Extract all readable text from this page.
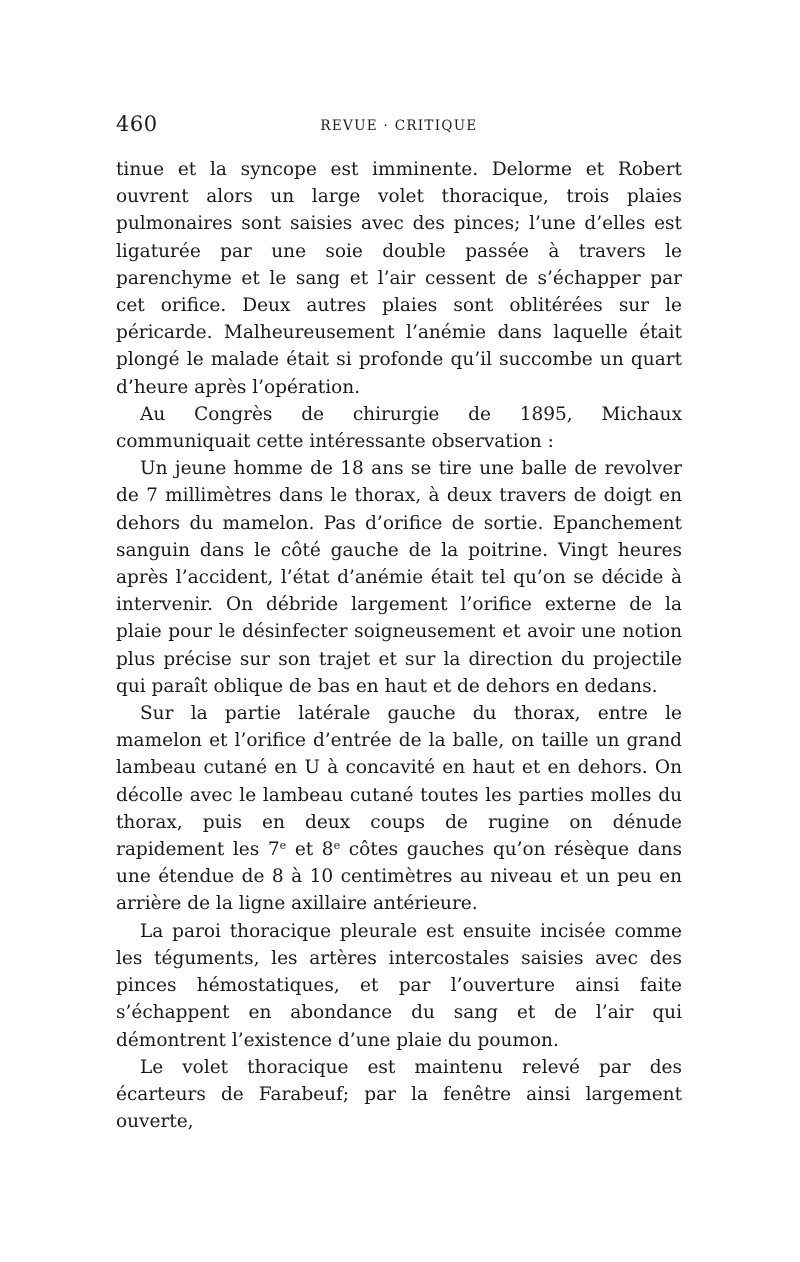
460	REVUE · CRITIQUE

tinue et la syncope est imminente. Delorme et Robert ouvrent alors un large volet thoracique, trois plaies pulmonaires sont saisies avec des pinces; l’une d’elles est ligaturée par une soie double passée à travers le parenchyme et le sang et l’air cessent de s’échapper par cet orifice. Deux autres plaies sont oblitérées sur le péricarde. Malheureusement l’anémie dans laquelle était plongé le malade était si profonde qu’il succombe un quart d’heure après l’opération.

Au Congrès de chirurgie de 1895, Michaux communiquait cette intéressante observation :

Un jeune homme de 18 ans se tire une balle de revolver de 7 millimètres dans le thorax, à deux travers de doigt en dehors du mamelon. Pas d’orifice de sortie. Epanchement sanguin dans le côté gauche de la poitrine. Vingt heures après l’accident, l’état d’anémie était tel qu’on se décide à intervenir. On débride largement l’orifice externe de la plaie pour le désinfecter soigneusement et avoir une notion plus précise sur son trajet et sur la direction du projectile qui paraît oblique de bas en haut et de dehors en dedans.

Sur la partie latérale gauche du thorax, entre le mamelon et l’orifice d’entrée de la balle, on taille un grand lambeau cutané en U à concavité en haut et en dehors. On décolle avec le lambeau cutané toutes les parties molles du thorax, puis en deux coups de rugine on dénude rapidement les 7e et 8e côtes gauches qu’on résèque dans une étendue de 8 à 10 centimètres au niveau et un peu en arrière de la ligne axillaire antérieure.

La paroi thoracique pleurale est ensuite incisée comme les téguments, les artères intercostales saisies avec des pinces hémostatiques, et par l’ouverture ainsi faite s’échappent en abondance du sang et de l’air qui démontrent l’existence d’une plaie du poumon.

Le volet thoracique est maintenu relevé par des écarteurs de Farabeuf; par la fenêtre ainsi largement ouverte,
